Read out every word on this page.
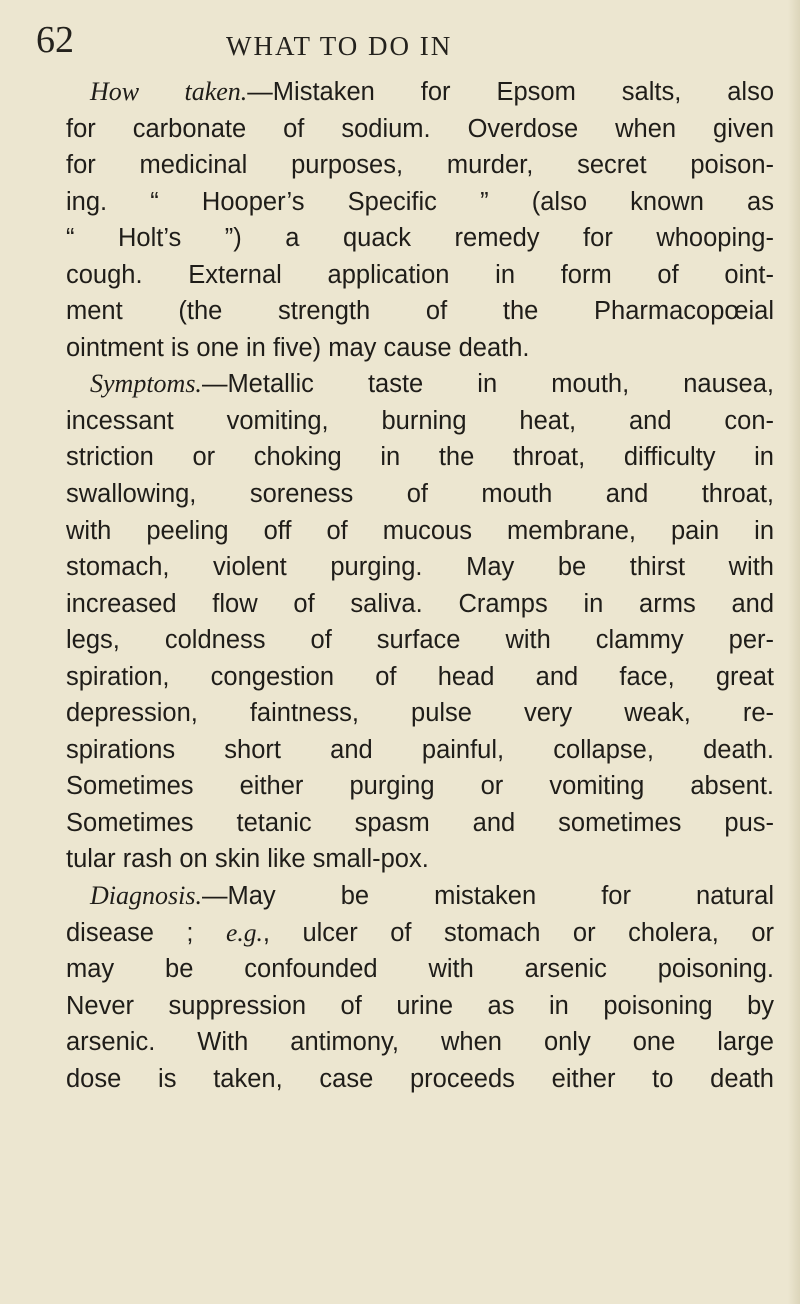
62	WHAT TO DO IN
How taken.—Mistaken for Epsom salts, also
for carbonate of sodium. Overdose when given
for medicinal purposes, murder, secret poison-
ing. “ Hooper’s Specific ” (also known as
“ Holt’s ”) a quack remedy for whooping-
cough. External application in form of oint-
ment (the strength of the Pharmacopœial
ointment is one in five) may cause death.
Symptoms.—Metallic taste in mouth, nausea,
incessant vomiting, burning heat, and con-
striction or choking in the throat, difficulty in
swallowing, soreness of mouth and throat,
with peeling off of mucous membrane, pain in
stomach, violent purging. May be thirst with
increased flow of saliva. Cramps in arms and
legs, coldness of surface with clammy per-
spiration, congestion of head and face, great
depression, faintness, pulse very weak, re-
spirations short and painful, collapse, death.
Sometimes either purging or vomiting absent.
Sometimes tetanic spasm and sometimes pus-
tular rash on skin like small-pox.
Diagnosis.—May be mistaken for natural
disease ; e.g., ulcer of stomach or cholera, or
may be confounded with arsenic poisoning.
Never suppression of urine as in poisoning by
arsenic. With antimony, when only one large
dose is taken, case proceeds either to death
